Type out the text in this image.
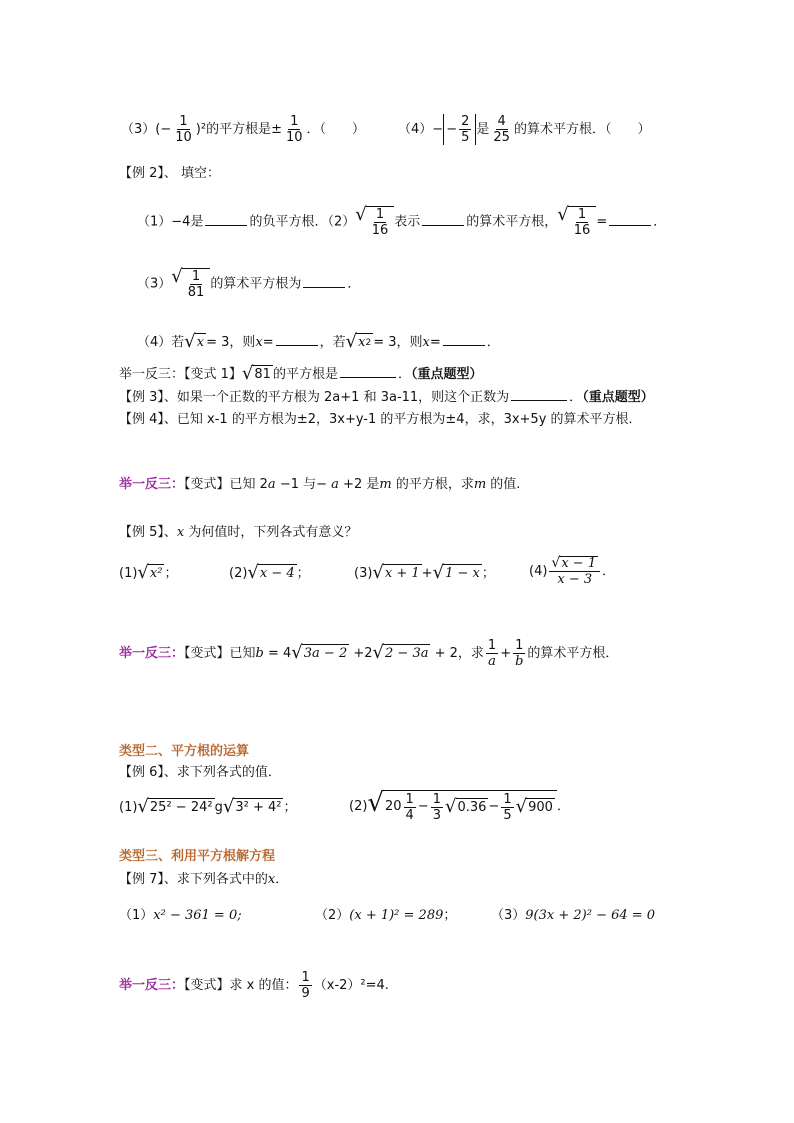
$(3)(- \frac{1}{10} )^2$的平方根是± $\frac{1}{10}$ ．（　　）	$(4)- - \frac{2}{5}$ 是 $\frac{4}{25}$ 的算术平方根．（　　）
【例 2】、 填空：
（1）−4是	的负平方根．（2） √ $\frac{1}{16}$ 表示	的算术平方根， √ $\frac{1}{16}$ =	．
（3） √ $\frac{1}{81}$ 的算术平方根为	．
（4）若 √ x = 3，则x=	，若 √ x 2 = 3，则x=	．
举一反三：【变式 1】 √ 81 的平方根是	．（重点题型）
【例 3】、如果一个正数的平方根为 2a+1 和 3a-11，则这个正数为	．（重点题型）
【例 4】、已知 x-1 的平方根为±2，3x+y-1 的平方根为±4，求，3x+5y 的算术平方根．
举一反三：【变式】已知 2a −1 与− a +2 是m 的平方根，求m 的值.
【例 5】、x 为何值时，下列各式有意义？
(1) √ x² ；	(2) √ x − 4 ；	(3) √ x + 1 + √ 1 − x ；	$(4) \frac{√ x - 1}{x - 3}$ ．
举一反三：【变式】已知b = 4 √ 3a − 2 +2 √ 2 − 3a + 2，求 $\frac{1}{a} + \frac{1}{b}$ 的算术平方根．
类型二、平方根的运算
【例 6】、求下列各式的值．
(1) √ 25² − 24² g √ 3² + 4² ；	(2) √ $20 \frac{1}{4} - \frac{1}{3}$ √ $0.36 - \frac{1}{5}$ √ 900 ．
类型三、利用平方根解方程
【例 7】、求下列各式中的x．
（1）x² − 361 = 0;	（2）(x + 1)² = 289；	（3）9(3x + 2)² − 64 = 0
举一反三：【变式】求 x 的值： $\frac{1}{9} (x-2)^2=4$.
